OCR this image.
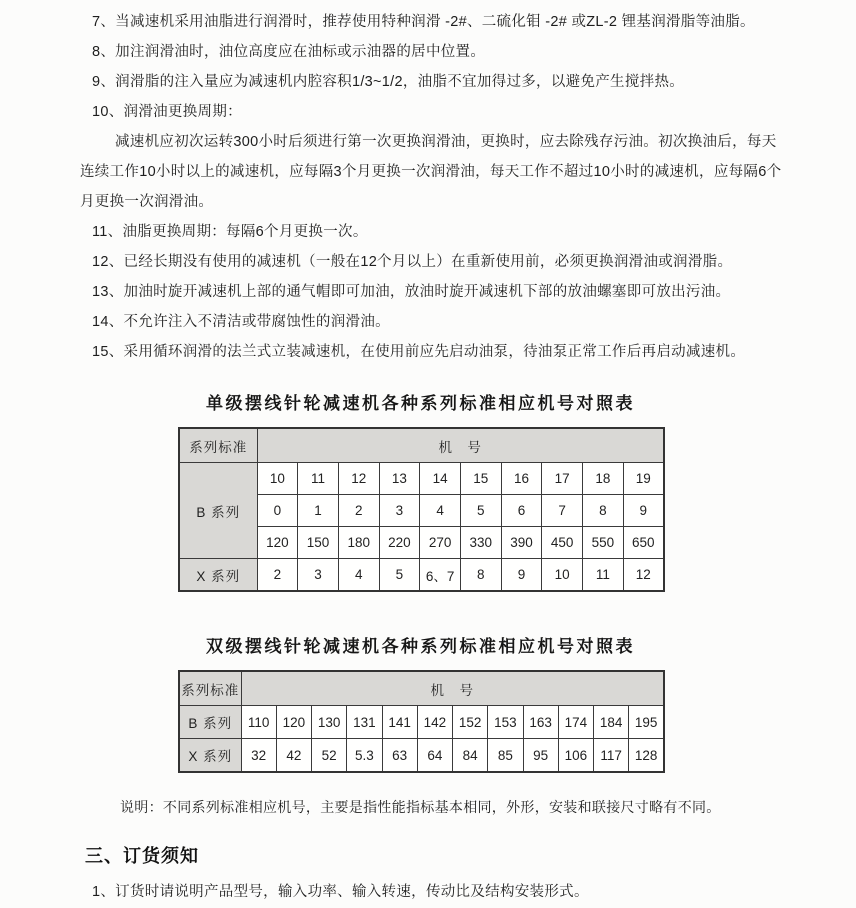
7、当减速机采用油脂进行润滑时，推荐使用特种润滑 -2#、二硫化钼 -2# 或ZL-2 锂基润滑脂等油脂。

8、加注润滑油时，油位高度应在油标或示油器的居中位置。

9、润滑脂的注入量应为减速机内腔容积1/3~1/2，油脂不宜加得过多，以避免产生搅拌热。

10、润滑油更换周期：

减速机应初次运转300小时后须进行第一次更换润滑油，更换时，应去除残存污油。初次换油后，每天连续工作10小时以上的减速机，应每隔3个月更换一次润滑油，每天工作不超过10小时的减速机，应每隔6个月更换一次润滑油。

11、油脂更换周期：每隔6个月更换一次。

12、已经长期没有使用的减速机（一般在12个月以上）在重新使用前，必须更换润滑油或润滑脂。

13、加油时旋开减速机上部的通气帽即可加油，放油时旋开减速机下部的放油螺塞即可放出污油。

14、不允许注入不清洁或带腐蚀性的润滑油。

15、采用循环润滑的法兰式立装减速机，在使用前应先启动油泵，待油泵正常工作后再启动减速机。

单级摆线针轮减速机各种系列标准相应机号对照表
系列标准	机　号									
B 系列	10	11	12	13	14	15	16	17	18	19
	0	1	2	3	4	5	6	7	8	9
	120	150	180	220	270	330	390	450	550	650
X 系列	2	3	4	5	6、7	8	9	10	11	12
双级摆线针轮减速机各种系列标准相应机号对照表
系列标准	机　号											
B 系列	110	120	130	131	141	142	152	153	163	174	184	195
X 系列	32	42	52	5.3	63	64	84	85	95	106	117	128

说明：不同系列标准相应机号，主要是指性能指标基本相同，外形，安装和联接尺寸略有不同。

三、订货须知

1、订货时请说明产品型号，输入功率、输入转速，传动比及结构安装形式。
